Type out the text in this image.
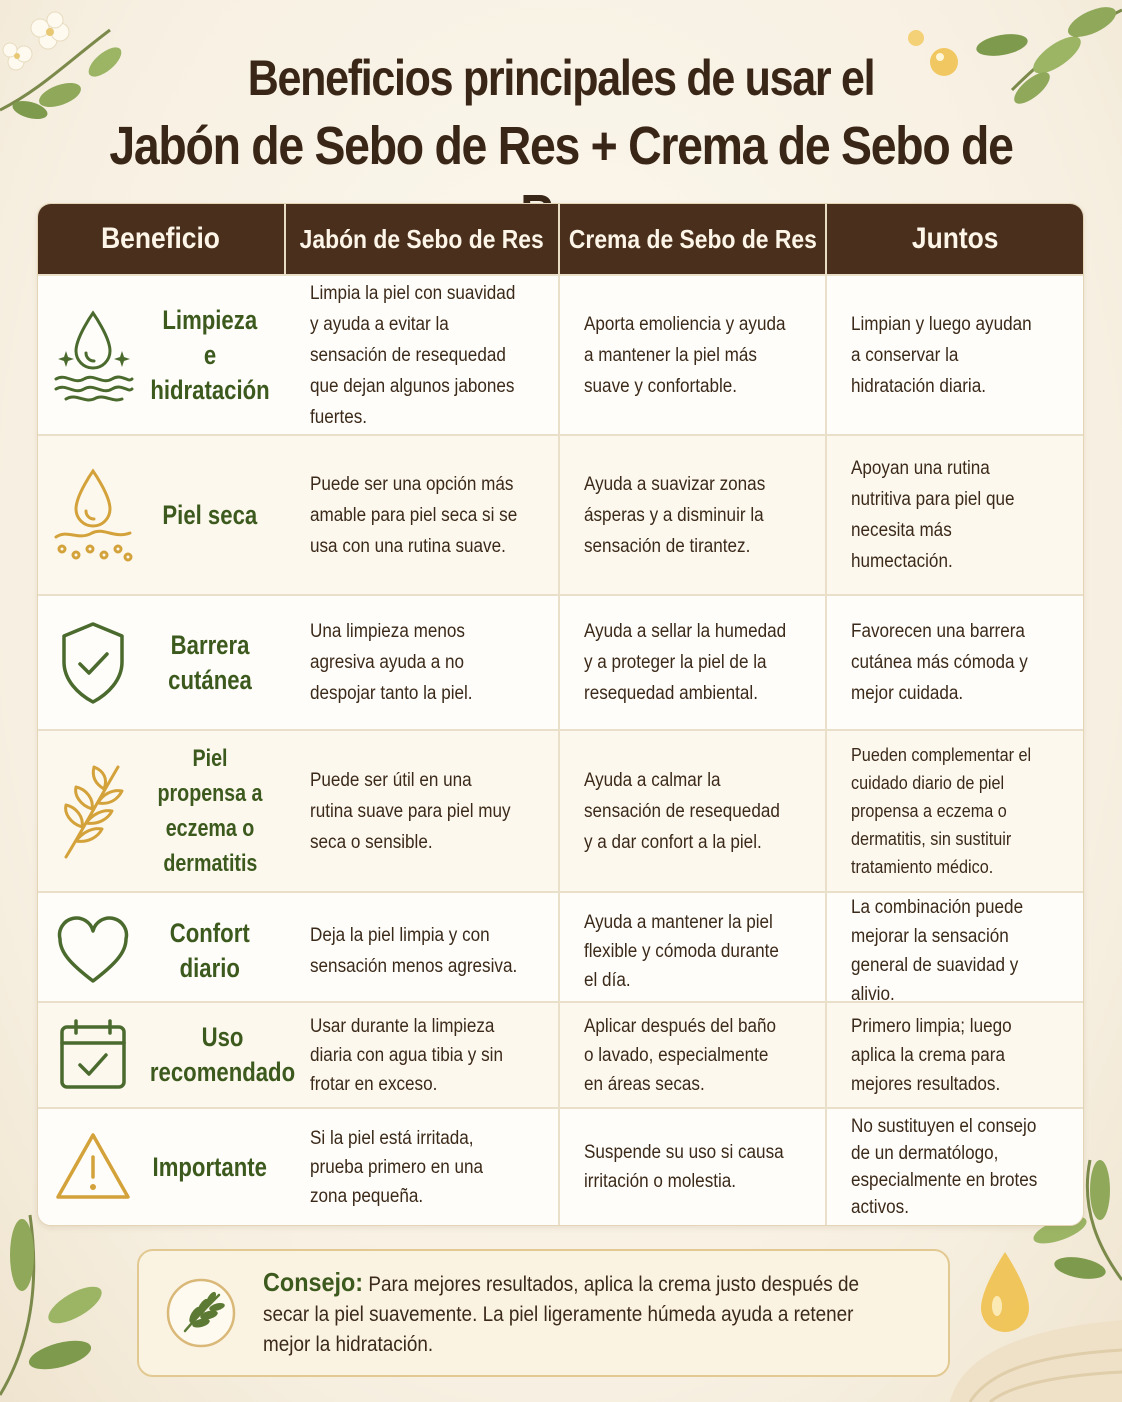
Beneficios principales de usar el
Jabón de Sebo de Res + Crema de Sebo de
Beneficio	Jabón de Sebo de Res Crema de Sebo de Res	Juntos
Limpieza
e hidratación
Limpia la piel con suavidad y ayuda a evitar la sensación de resequedad que dejan algunos jabones fuertes.
Aporta emoliencia y ayuda a mantener la piel más suave y confortable.
Limpian y luego ayudan a conservar la hidratación diaria.
Piel seca
Puede ser una opción más amable para piel seca si se usa con una rutina suave.
Ayuda a suavizar zonas ásperas y a disminuir la sensación de tirantez.
Apoyan una rutina nutritiva para piel que necesita más humectación.
Barrera
cutánea
Una limpieza menos agresiva ayuda a no despojar tanto la piel.
Ayuda a sellar la humedad y a proteger la piel de la resequedad ambiental.
Favorecen una barrera cutánea más cómoda y mejor cuidada.
Piel propensa a
eczema o
dermatitis
Puede ser útil en una rutina suave para piel muy seca o sensible.
Ayuda a calmar la sensación de resequedad y a dar confort a la piel.
Pueden complementar el cuidado diario de piel propensa a eczema o dermatitis, sin sustituir tratamiento médico.
Confort
diario
Deja la piel limpia y con sensación menos agresiva.
Ayuda a mantener la piel flexible y cómoda durante el día.
La combinación puede mejorar la sensación general de suavidad y alivio.
Uso
recomendado
Usar durante la limpieza diaria con agua tibia y sin frotar en exceso.
Aplicar después del baño o lavado, especialmente en áreas secas.
Primero limpia; luego aplica la crema para mejores resultados.
Importante
Si la piel está irritada, prueba primero en una zona pequeña.
Suspende su uso si causa irritación o molestia.
No sustituyen el consejo de un dermatólogo, especialmente en brotes activos.
Consejo: Para mejores resultados, aplica la crema justo después de secar la piel suavemente. La piel ligeramente húmeda ayuda a retener mejor la hidratación.
